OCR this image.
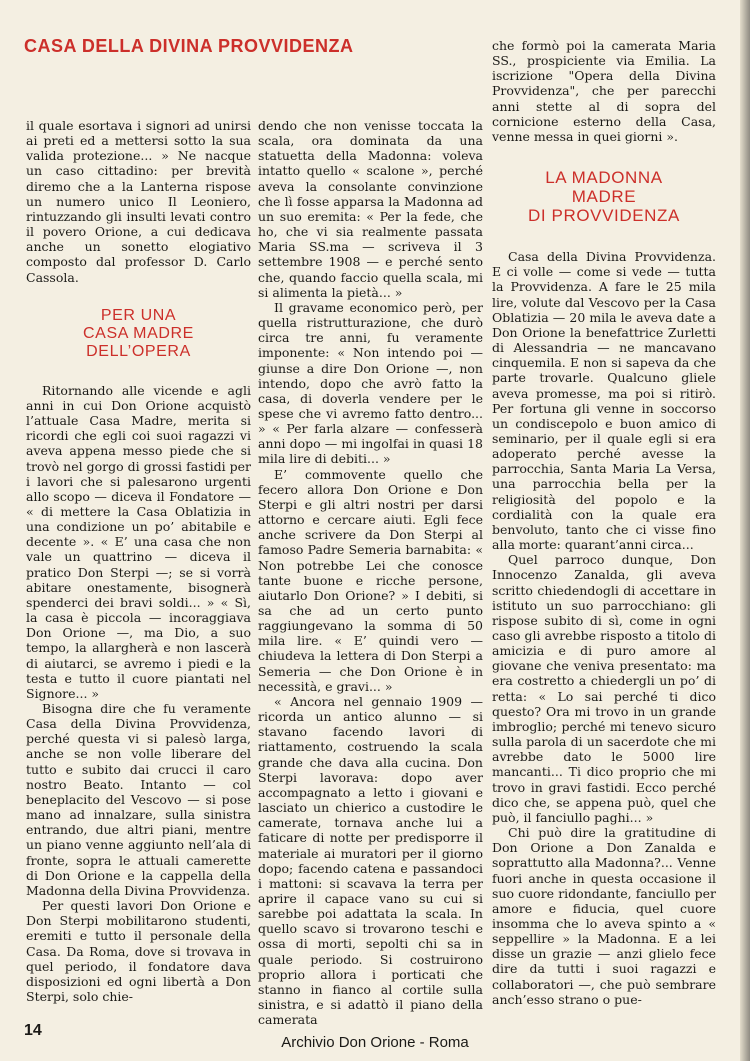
CASA DELLA DIVINA PROVVIDENZA

il quale esortava i signori ad unirsi ai preti ed a mettersi sotto la sua valida protezione... » Ne nacque un caso cittadino: per brevità diremo che a la Lanterna rispose un numero unico Il Leoniero, rintuzzando gli insulti levati contro il povero Orione, a cui dedicava anche un sonetto elogiativo composto dal professor D. Carlo Cassola.

PER UNA
CASA MADRE
DELL’OPERA

Ritornando alle vicende e agli anni in cui Don Orione acquistò l’attuale Casa Madre, merita si ricordi che egli coi suoi ragazzi vi aveva appena messo piede che si trovò nel gorgo di grossi fastidi per i lavori che si palesarono urgenti allo scopo — diceva il Fondatore — « di mettere la Casa Oblatizia in una condizione un po’ abitabile e decente ». « E’ una casa che non vale un quattrino — diceva il pratico Don Sterpi —; se si vorrà abitare onestamente, bisognerà spenderci dei bravi soldi... » « Sì, la casa è piccola — incoraggiava Don Orione —, ma Dio, a suo tempo, la allargherà e non lascerà di aiutarci, se avremo i piedi e la testa e tutto il cuore piantati nel Signore... »

Bisogna dire che fu veramente Casa della Divina Provvidenza, perché questa vi si palesò larga, anche se non volle liberare del tutto e subito dai crucci il caro nostro Beato. Intanto — col beneplacito del Vescovo — si pose mano ad innalzare, sulla sinistra entrando, due altri piani, mentre un piano venne aggiunto nell’ala di fronte, sopra le attuali camerette di Don Orione e la cappella della Madonna della Divina Provvidenza.

Per questi lavori Don Orione e Don Sterpi mobilitarono studenti, eremiti e tutto il personale della Casa. Da Roma, dove si trovava in quel periodo, il fondatore dava disposizioni ed ogni libertà a Don Sterpi, solo chie-

dendo che non venisse toccata la scala, ora dominata da una statuetta della Madonna: voleva intatto quello « scalone », perché aveva la consolante convinzione che lì fosse apparsa la Madonna ad un suo eremita: « Per la fede, che ho, che vi sia realmente passata Maria SS.ma — scriveva il 3 settembre 1908 — e perché sento che, quando faccio quella scala, mi si alimenta la pietà... »

Il gravame economico però, per quella ristrutturazione, che durò circa tre anni, fu veramente imponente: « Non intendo poi — giunse a dire Don Orione —, non intendo, dopo che avrò fatto la casa, di doverla vendere per le spese che vi avremo fatto dentro... » « Per farla alzare — confesserà anni dopo — mi ingolfai in quasi 18 mila lire di debiti... »

E’ commovente quello che fecero allora Don Orione e Don Sterpi e gli altri nostri per darsi attorno e cercare aiuti. Egli fece anche scrivere da Don Sterpi al famoso Padre Semeria barnabita: « Non potrebbe Lei che conosce tante buone e ricche persone, aiutarlo Don Orione? » I debiti, si sa che ad un certo punto raggiungevano la somma di 50 mila lire. « E’ quindi vero — chiudeva la lettera di Don Sterpi a Semeria — che Don Orione è in necessità, e gravi... »

« Ancora nel gennaio 1909 — ricorda un antico alunno — si stavano facendo lavori di riattamento, costruendo la scala grande che dava alla cucina. Don Sterpi lavorava: dopo aver accompagnato a letto i giovani e lasciato un chierico a custodire le camerate, tornava anche lui a faticare di notte per predisporre il materiale ai muratori per il giorno dopo; facendo catena e passandoci i mattoni: si scavava la terra per aprire il capace vano su cui si sarebbe poi adattata la scala. In quello scavo si trovarono teschi e ossa di morti, sepolti chi sa in quale periodo. Si costruirono proprio allora i porticati che stanno in fianco al cortile sulla sinistra, e si adattò il piano della camerata

che formò poi la camerata Maria SS., prospiciente via Emilia. La iscrizione "Opera della Divina Provvidenza", che per parecchi anni stette al di sopra del cornicione esterno della Casa, venne messa in quei giorni ».

LA MADONNA
MADRE
DI PROVVIDENZA

Casa della Divina Provvidenza. E ci volle — come si vede — tutta la Provvidenza. A fare le 25 mila lire, volute dal Vescovo per la Casa Oblatizia — 20 mila le aveva date a Don Orione la benefattrice Zurletti di Alessandria — ne mancavano cinquemila. E non si sapeva da che parte trovarle. Qualcuno gliele aveva promesse, ma poi si ritirò. Per fortuna gli venne in soccorso un condiscepolo e buon amico di seminario, per il quale egli si era adoperato perché avesse la parrocchia, Santa Maria La Versa, una parrocchia bella per la religiosità del popolo e la cordialità con la quale era benvoluto, tanto che ci visse fino alla morte: quarant’anni circa...

Quel parroco dunque, Don Innocenzo Zanalda, gli aveva scritto chiedendogli di accettare in istituto un suo parrocchiano: gli rispose subito di sì, come in ogni caso gli avrebbe risposto a titolo di amicizia e di puro amore al giovane che veniva presentato: ma era costretto a chiedergli un po’ di retta: « Lo sai perché ti dico questo? Ora mi trovo in un grande imbroglio; perché mi tenevo sicuro sulla parola di un sacerdote che mi avrebbe dato le 5000 lire mancanti... Ti dico proprio che mi trovo in gravi fastidi. Ecco perché dico che, se appena può, quel che può, il fanciullo paghi... »

Chi può dire la gratitudine di Don Orione a Don Zanalda e soprattutto alla Madonna?... Venne fuori anche in questa occasione il suo cuore ridondante, fanciullo per amore e fiducia, quel cuore insomma che lo aveva spinto a « seppellire » la Madonna. E a lei disse un grazie — anzi glielo fece dire da tutti i suoi ragazzi e collaboratori —, che può sembrare anch’esso strano o pue-

14
Archivio Don Orione - Roma
